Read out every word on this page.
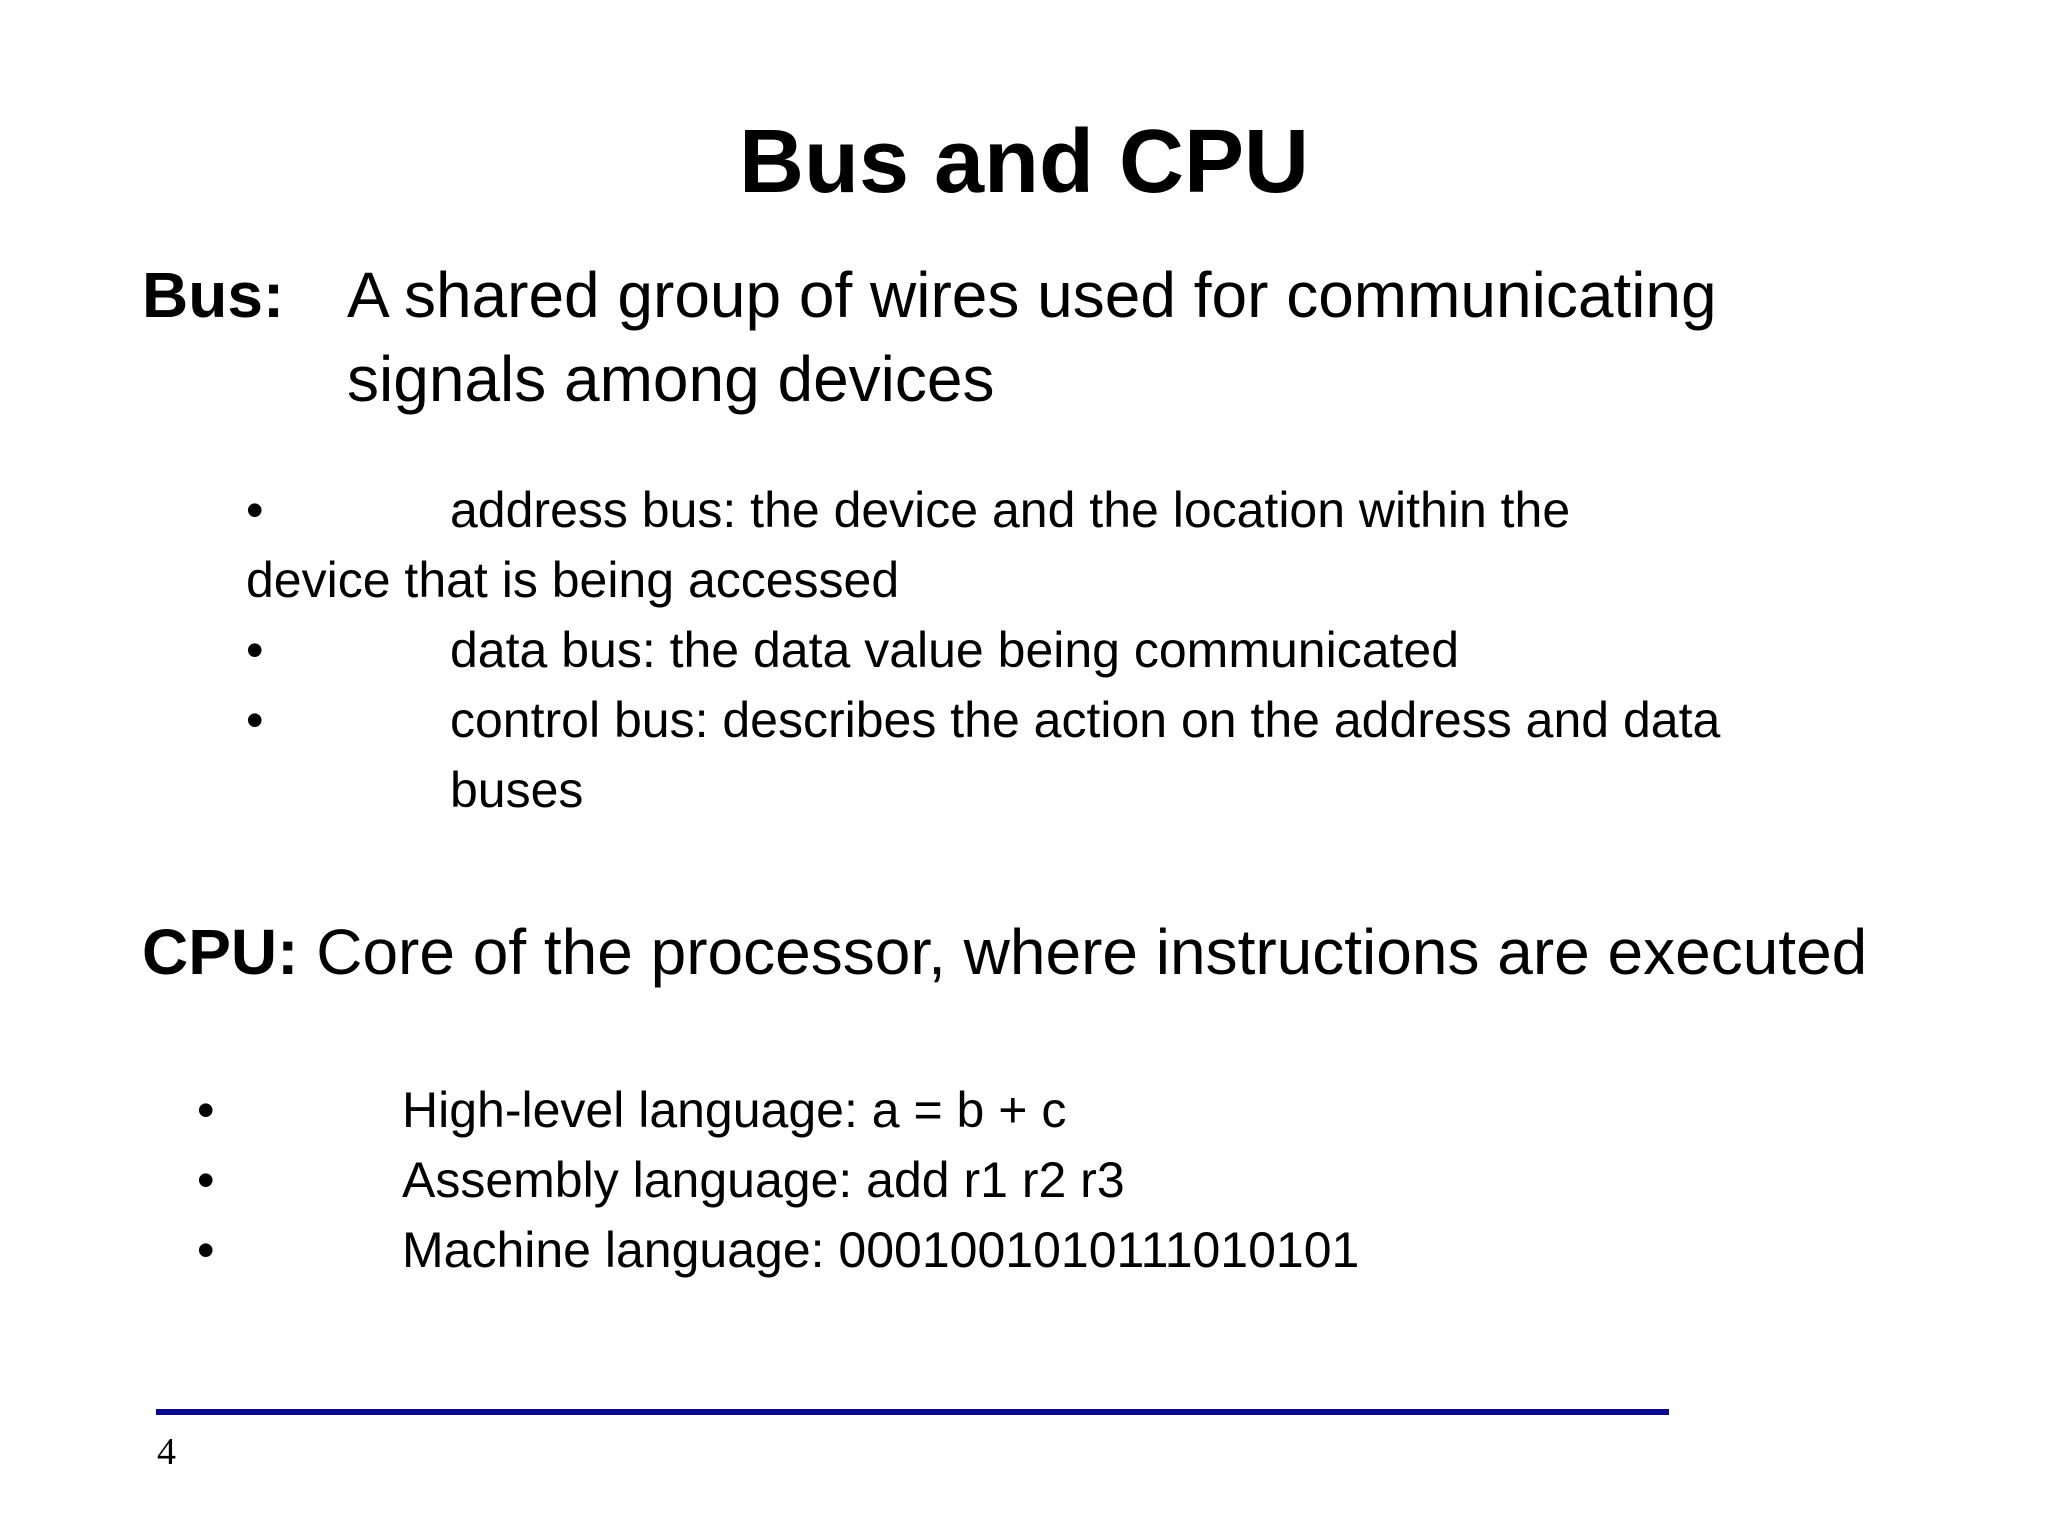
Bus and CPU
Bus: A shared group of wires used for communicating
signals among devices
•	address bus: the device and the location within the
device that is being accessed
•	data bus: the data value being communicated
•	control bus: describes the action on the address and data
buses
CPU: Core of the processor, where instructions are executed
•	High-level language: a = b + c
•	Assembly language: add r1 r2 r3
•	Machine language: 0001001010111010101
4
